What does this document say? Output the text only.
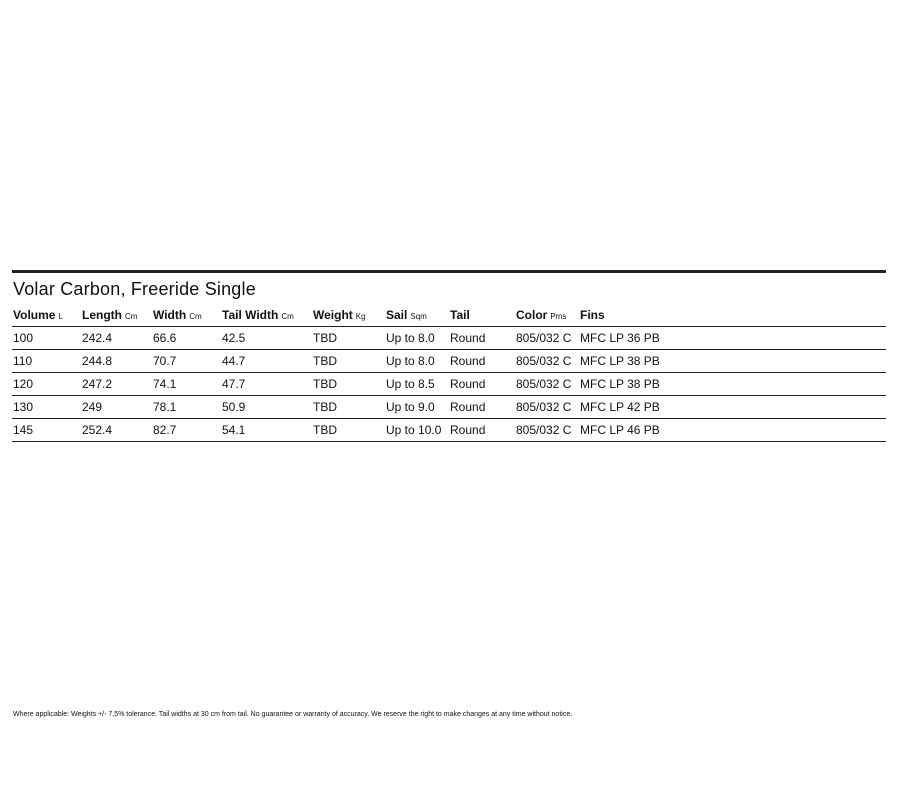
Volar Carbon, Freeride Single
Volume L	Length Cm	Width Cm	Tail Width Cm	Weight Kg	Sail Sqm	Tail	Color Pms	Fins
100	242.4	66.6	42.5	TBD	Up to 8.0	Round	805/032 C	MFC LP 36 PB
110	244.8	70.7	44.7	TBD	Up to 8.0	Round	805/032 C	MFC LP 38 PB
120	247.2	74.1	47.7	TBD	Up to 8.5	Round	805/032 C	MFC LP 38 PB
130	249	78.1	50.9	TBD	Up to 9.0	Round	805/032 C	MFC LP 42 PB
145	252.4	82.7	54.1	TBD	Up to 10.0	Round	805/032 C	MFC LP 46 PB
Where applicable: Weights +/- 7.5% tolerance. Tail widths at 30 cm from tail. No guarantee or warranty of accuracy. We reserve the right to make changes at any time without notice.
